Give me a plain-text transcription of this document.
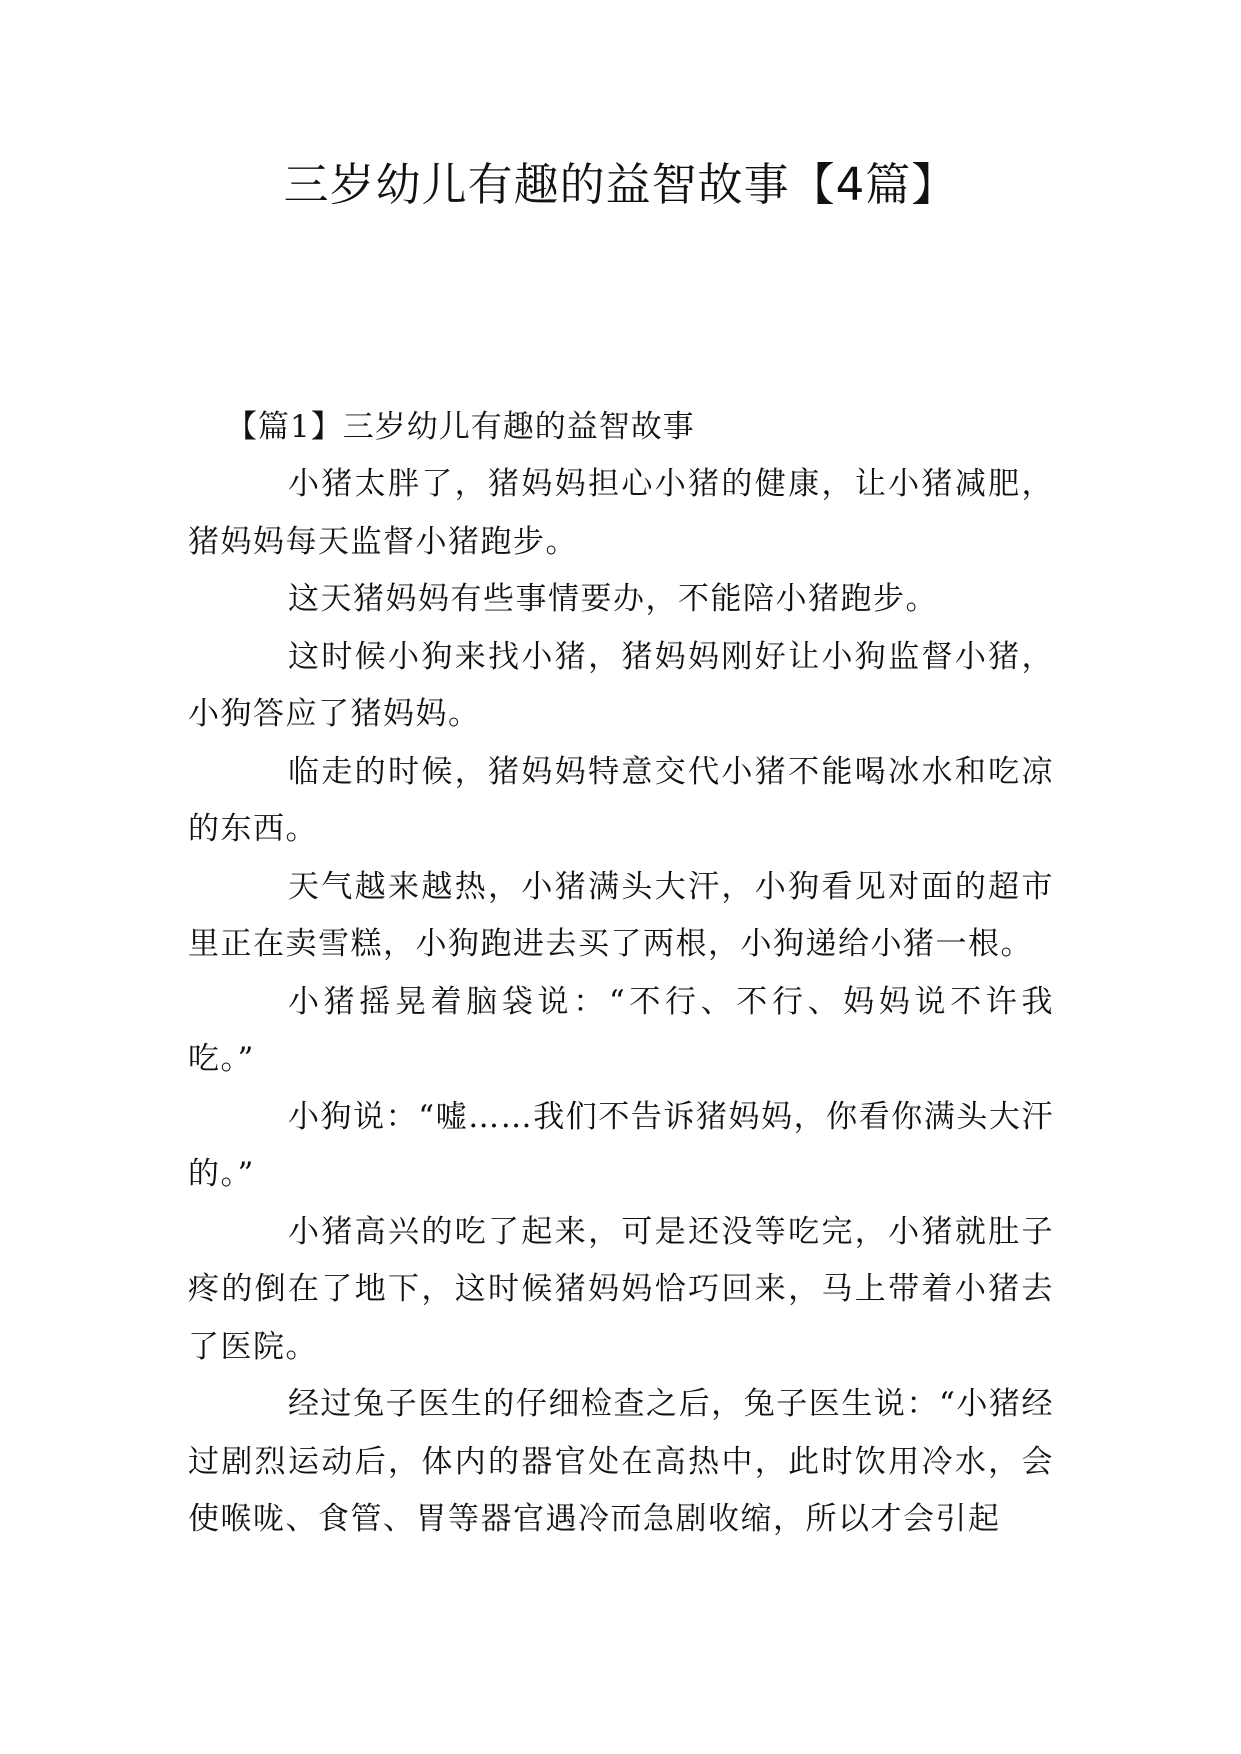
三岁幼儿有趣的益智故事【4篇】

【篇1】三岁幼儿有趣的益智故事

小猪太胖了，猪妈妈担心小猪的健康，让小猪减肥，猪妈妈每天监督小猪跑步。

这天猪妈妈有些事情要办，不能陪小猪跑步。

这时候小狗来找小猪，猪妈妈刚好让小狗监督小猪，小狗答应了猪妈妈。

临走的时候，猪妈妈特意交代小猪不能喝冰水和吃凉的东西。

天气越来越热，小猪满头大汗，小狗看见对面的超市里正在卖雪糕，小狗跑进去买了两根，小狗递给小猪一根。

小猪摇晃着脑袋说：“不行、不行、妈妈说不许我吃。”

小狗说：“嘘……我们不告诉猪妈妈，你看你满头大汗的。”

小猪高兴的吃了起来，可是还没等吃完，小猪就肚子疼的倒在了地下，这时候猪妈妈恰巧回来，马上带着小猪去了医院。

经过兔子医生的仔细检查之后，兔子医生说：“小猪经过剧烈运动后，体内的器官处在高热中，此时饮用冷水，会使喉咙、食管、胃等器官遇冷而急剧收缩，所以才会引起
